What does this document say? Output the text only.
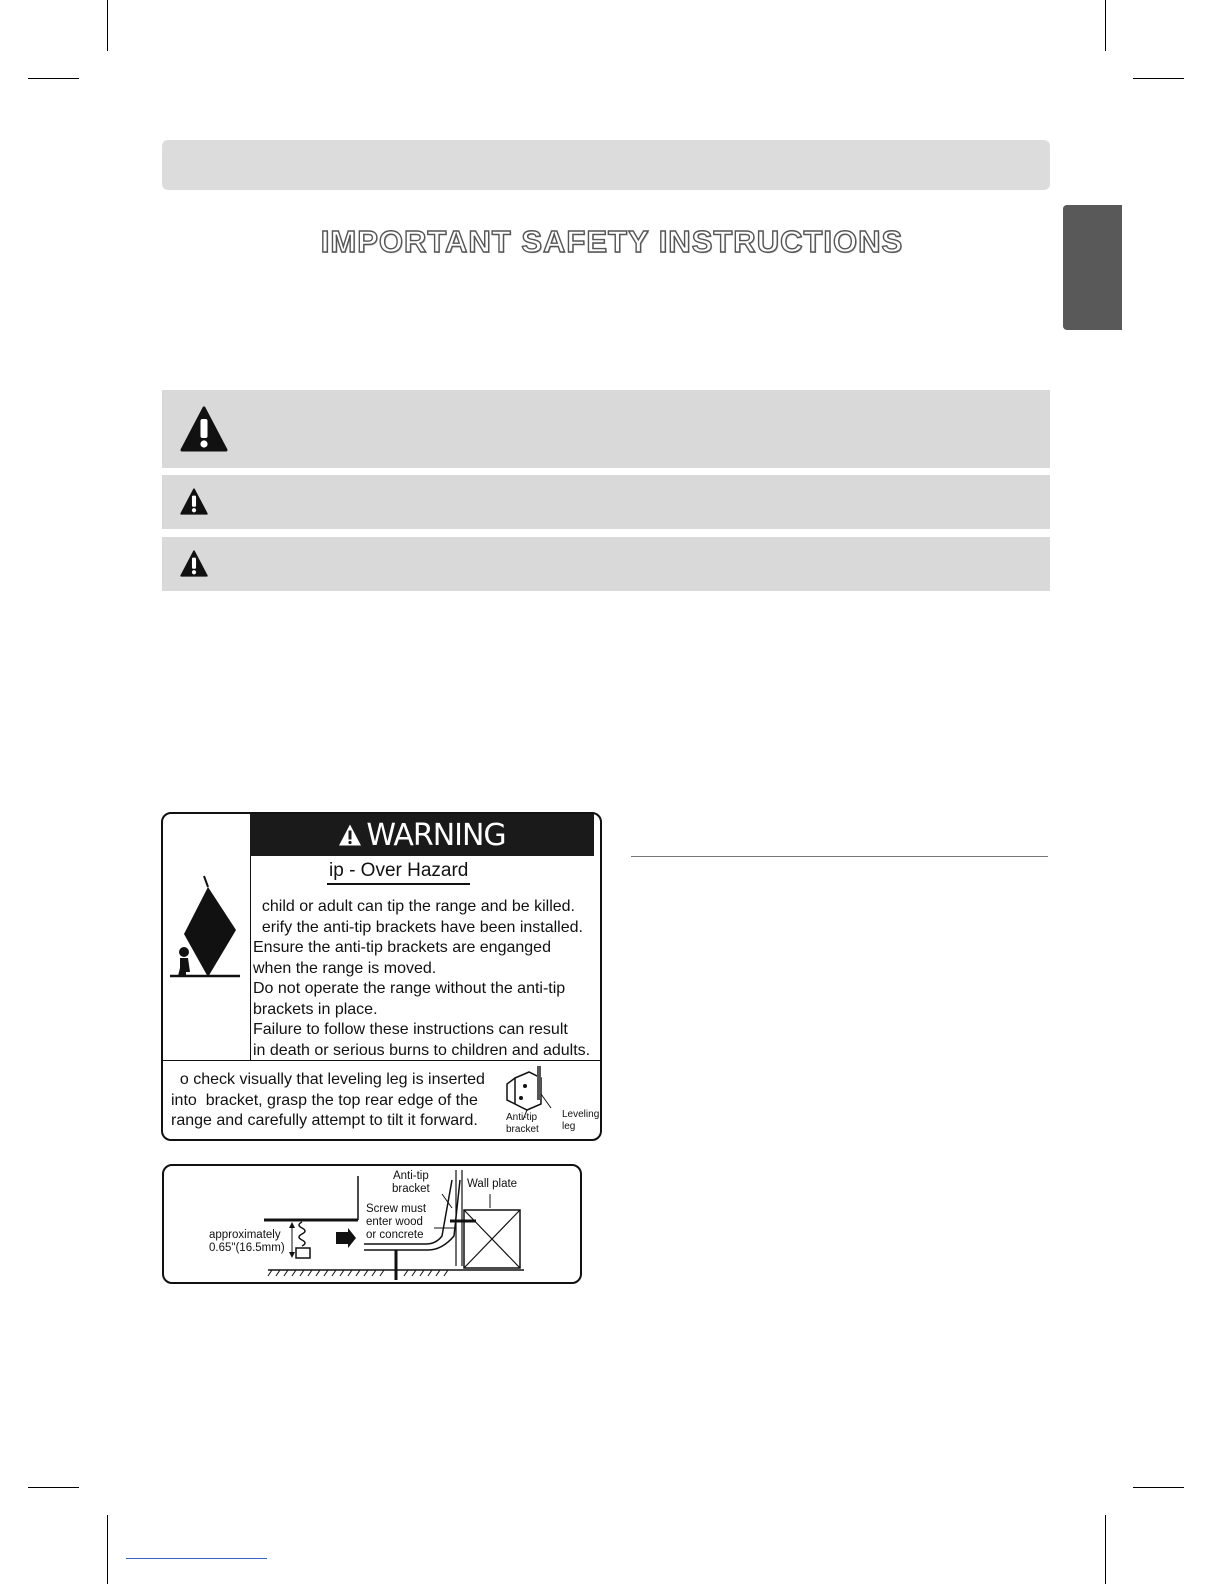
IMPORTANT SAFETY INSTRUCTIONS
WARNING
ip - Over Hazard
child or adult can tip the range and be killed.
erify the anti-tip brackets have been installed.
Ensure the anti-tip brackets are enganged
when the range is moved.
Do not operate the range without the anti-tip
brackets in place.
Failure to follow these instructions can result
in death or serious burns to children and adults.
o check visually that leveling leg is inserted
into  bracket, grasp the top rear edge of the
range and carefully attempt to tilt it forward.	Anti-tip
bracket
Leveling
leg
Anti-tip
bracket	Wall plate
Screw must
enter wood
or concrete
approximately
0.65"(16.5mm)
